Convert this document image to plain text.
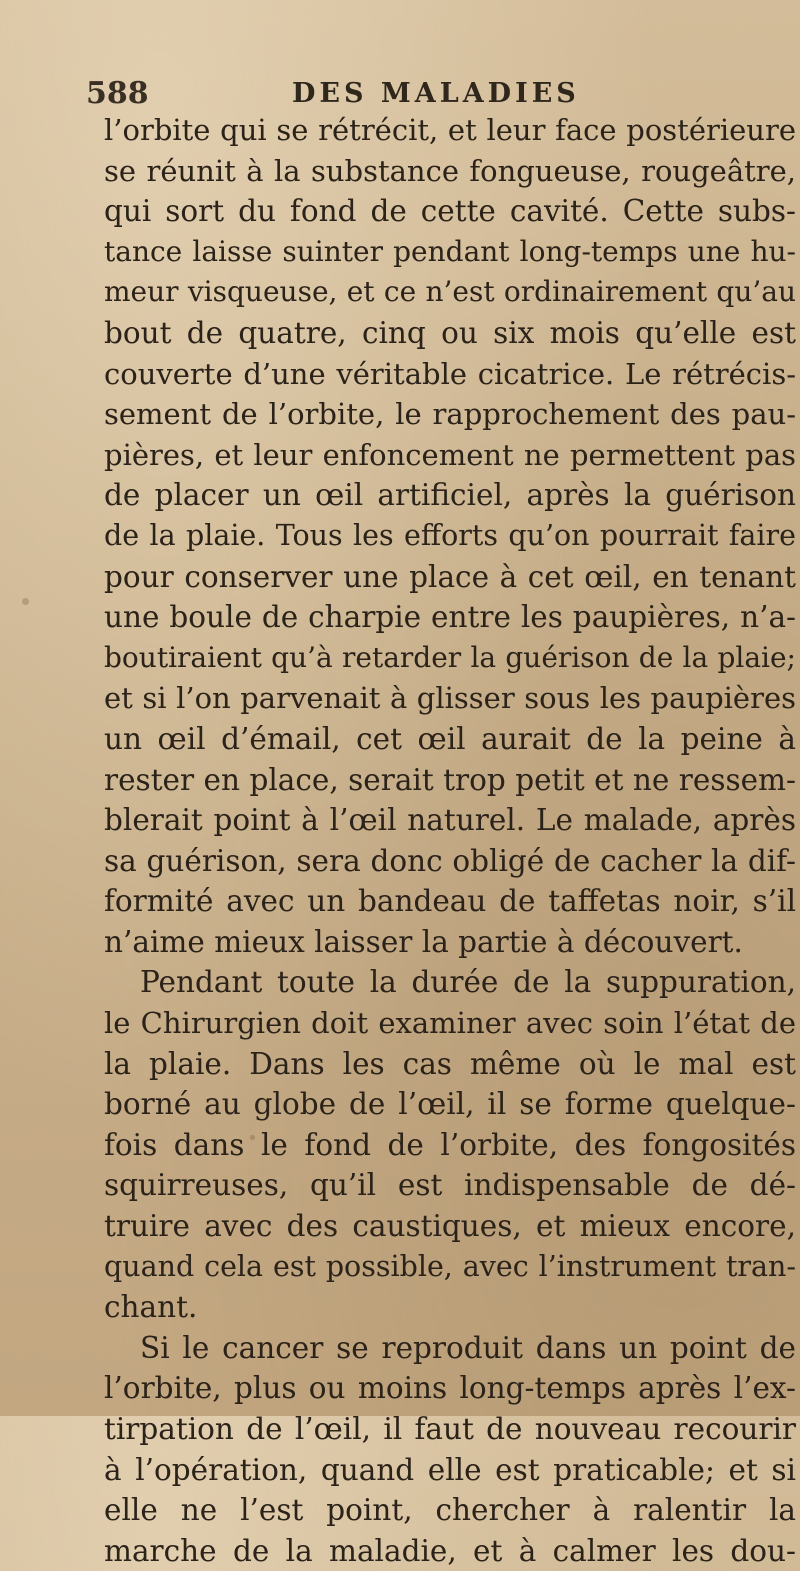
588	DES MALADIES
l’orbite qui se rétrécit, et leur face postérieure
se réunit à la substance fongueuse, rougeâtre,
qui sort du fond de cette cavité. Cette subs-
tance laisse suinter pendant long-temps une hu-
meur visqueuse, et ce n’est ordinairement qu’au
bout de quatre, cinq ou six mois qu’elle est
couverte d’une véritable cicatrice. Le rétrécis-
sement de l’orbite, le rapprochement des pau-
pières, et leur enfoncement ne permettent pas
de placer un œil artificiel, après la guérison
de la plaie. Tous les efforts qu’on pourrait faire
pour conserver une place à cet œil, en tenant
une boule de charpie entre les paupières, n’a-
boutiraient qu’à retarder la guérison de la plaie;
et si l’on parvenait à glisser sous les paupières
un œil d’émail, cet œil aurait de la peine à
rester en place, serait trop petit et ne ressem-
blerait point à l’œil naturel. Le malade, après
sa guérison, sera donc obligé de cacher la dif-
formité avec un bandeau de taffetas noir, s’il
n’aime mieux laisser la partie à découvert.
Pendant toute la durée de la suppuration,
le Chirurgien doit examiner avec soin l’état de
la plaie. Dans les cas même où le mal est
borné au globe de l’œil, il se forme quelque-
fois dans le fond de l’orbite, des fongosités
squirreuses, qu’il est indispensable de dé-
truire avec des caustiques, et mieux encore,
quand cela est possible, avec l’instrument tran-
chant.
Si le cancer se reproduit dans un point de
l’orbite, plus ou moins long-temps après l’ex-
tirpation de l’œil, il faut de nouveau recourir
à l’opération, quand elle est praticable; et si
elle ne l’est point, chercher à ralentir la
marche de la maladie, et à calmer les dou-
